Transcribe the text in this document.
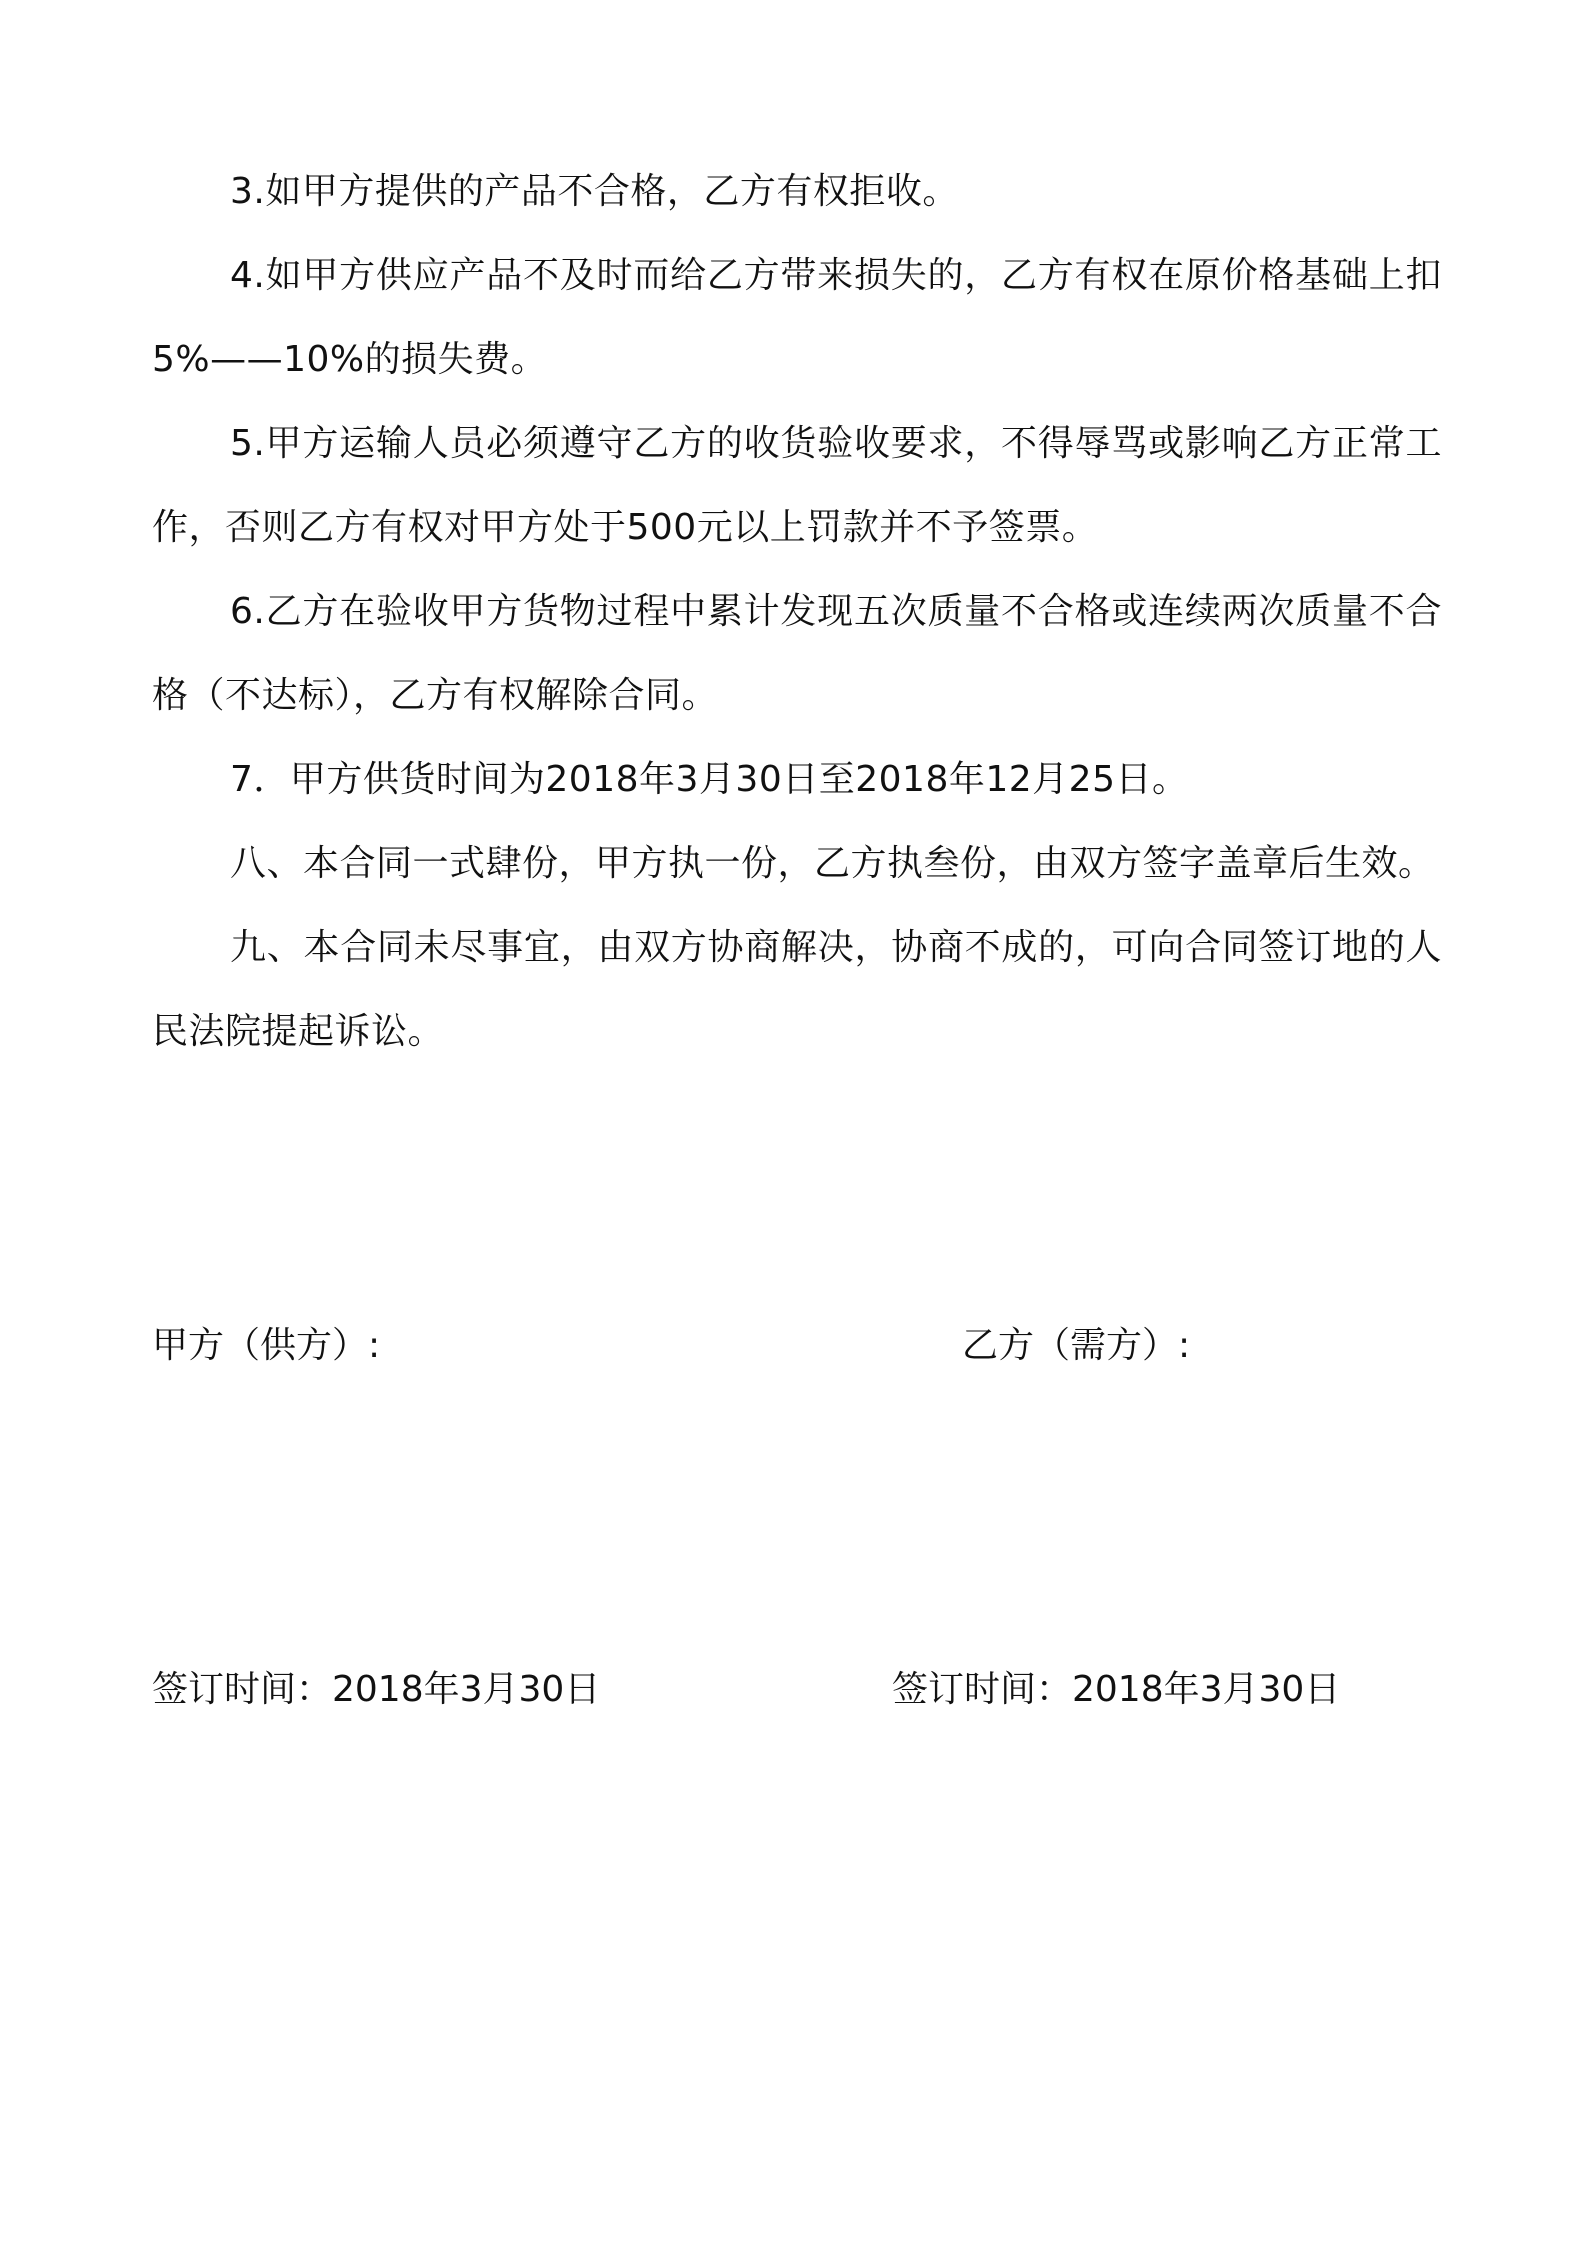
3.如甲方提供的产品不合格，乙方有权拒收。

4.如甲方供应产品不及时而给乙方带来损失的，乙方有权在原价格基础上扣5%——10%的损失费。

5.甲方运输人员必须遵守乙方的收货验收要求，不得辱骂或影响乙方正常工作，否则乙方有权对甲方处于500元以上罚款并不予签票。

6.乙方在验收甲方货物过程中累计发现五次质量不合格或连续两次质量不合格（不达标），乙方有权解除合同。

7．甲方供货时间为2018年3月30日至2018年12月25日。

八、本合同一式肆份，甲方执一份，乙方执叁份，由双方签字盖章后生效。

九、本合同未尽事宜，由双方协商解决，协商不成的，可向合同签订地的人民法院提起诉讼。

甲方（供方）:	乙方（需方）:
签订时间：2018年3月30日	签订时间：2018年3月30日
